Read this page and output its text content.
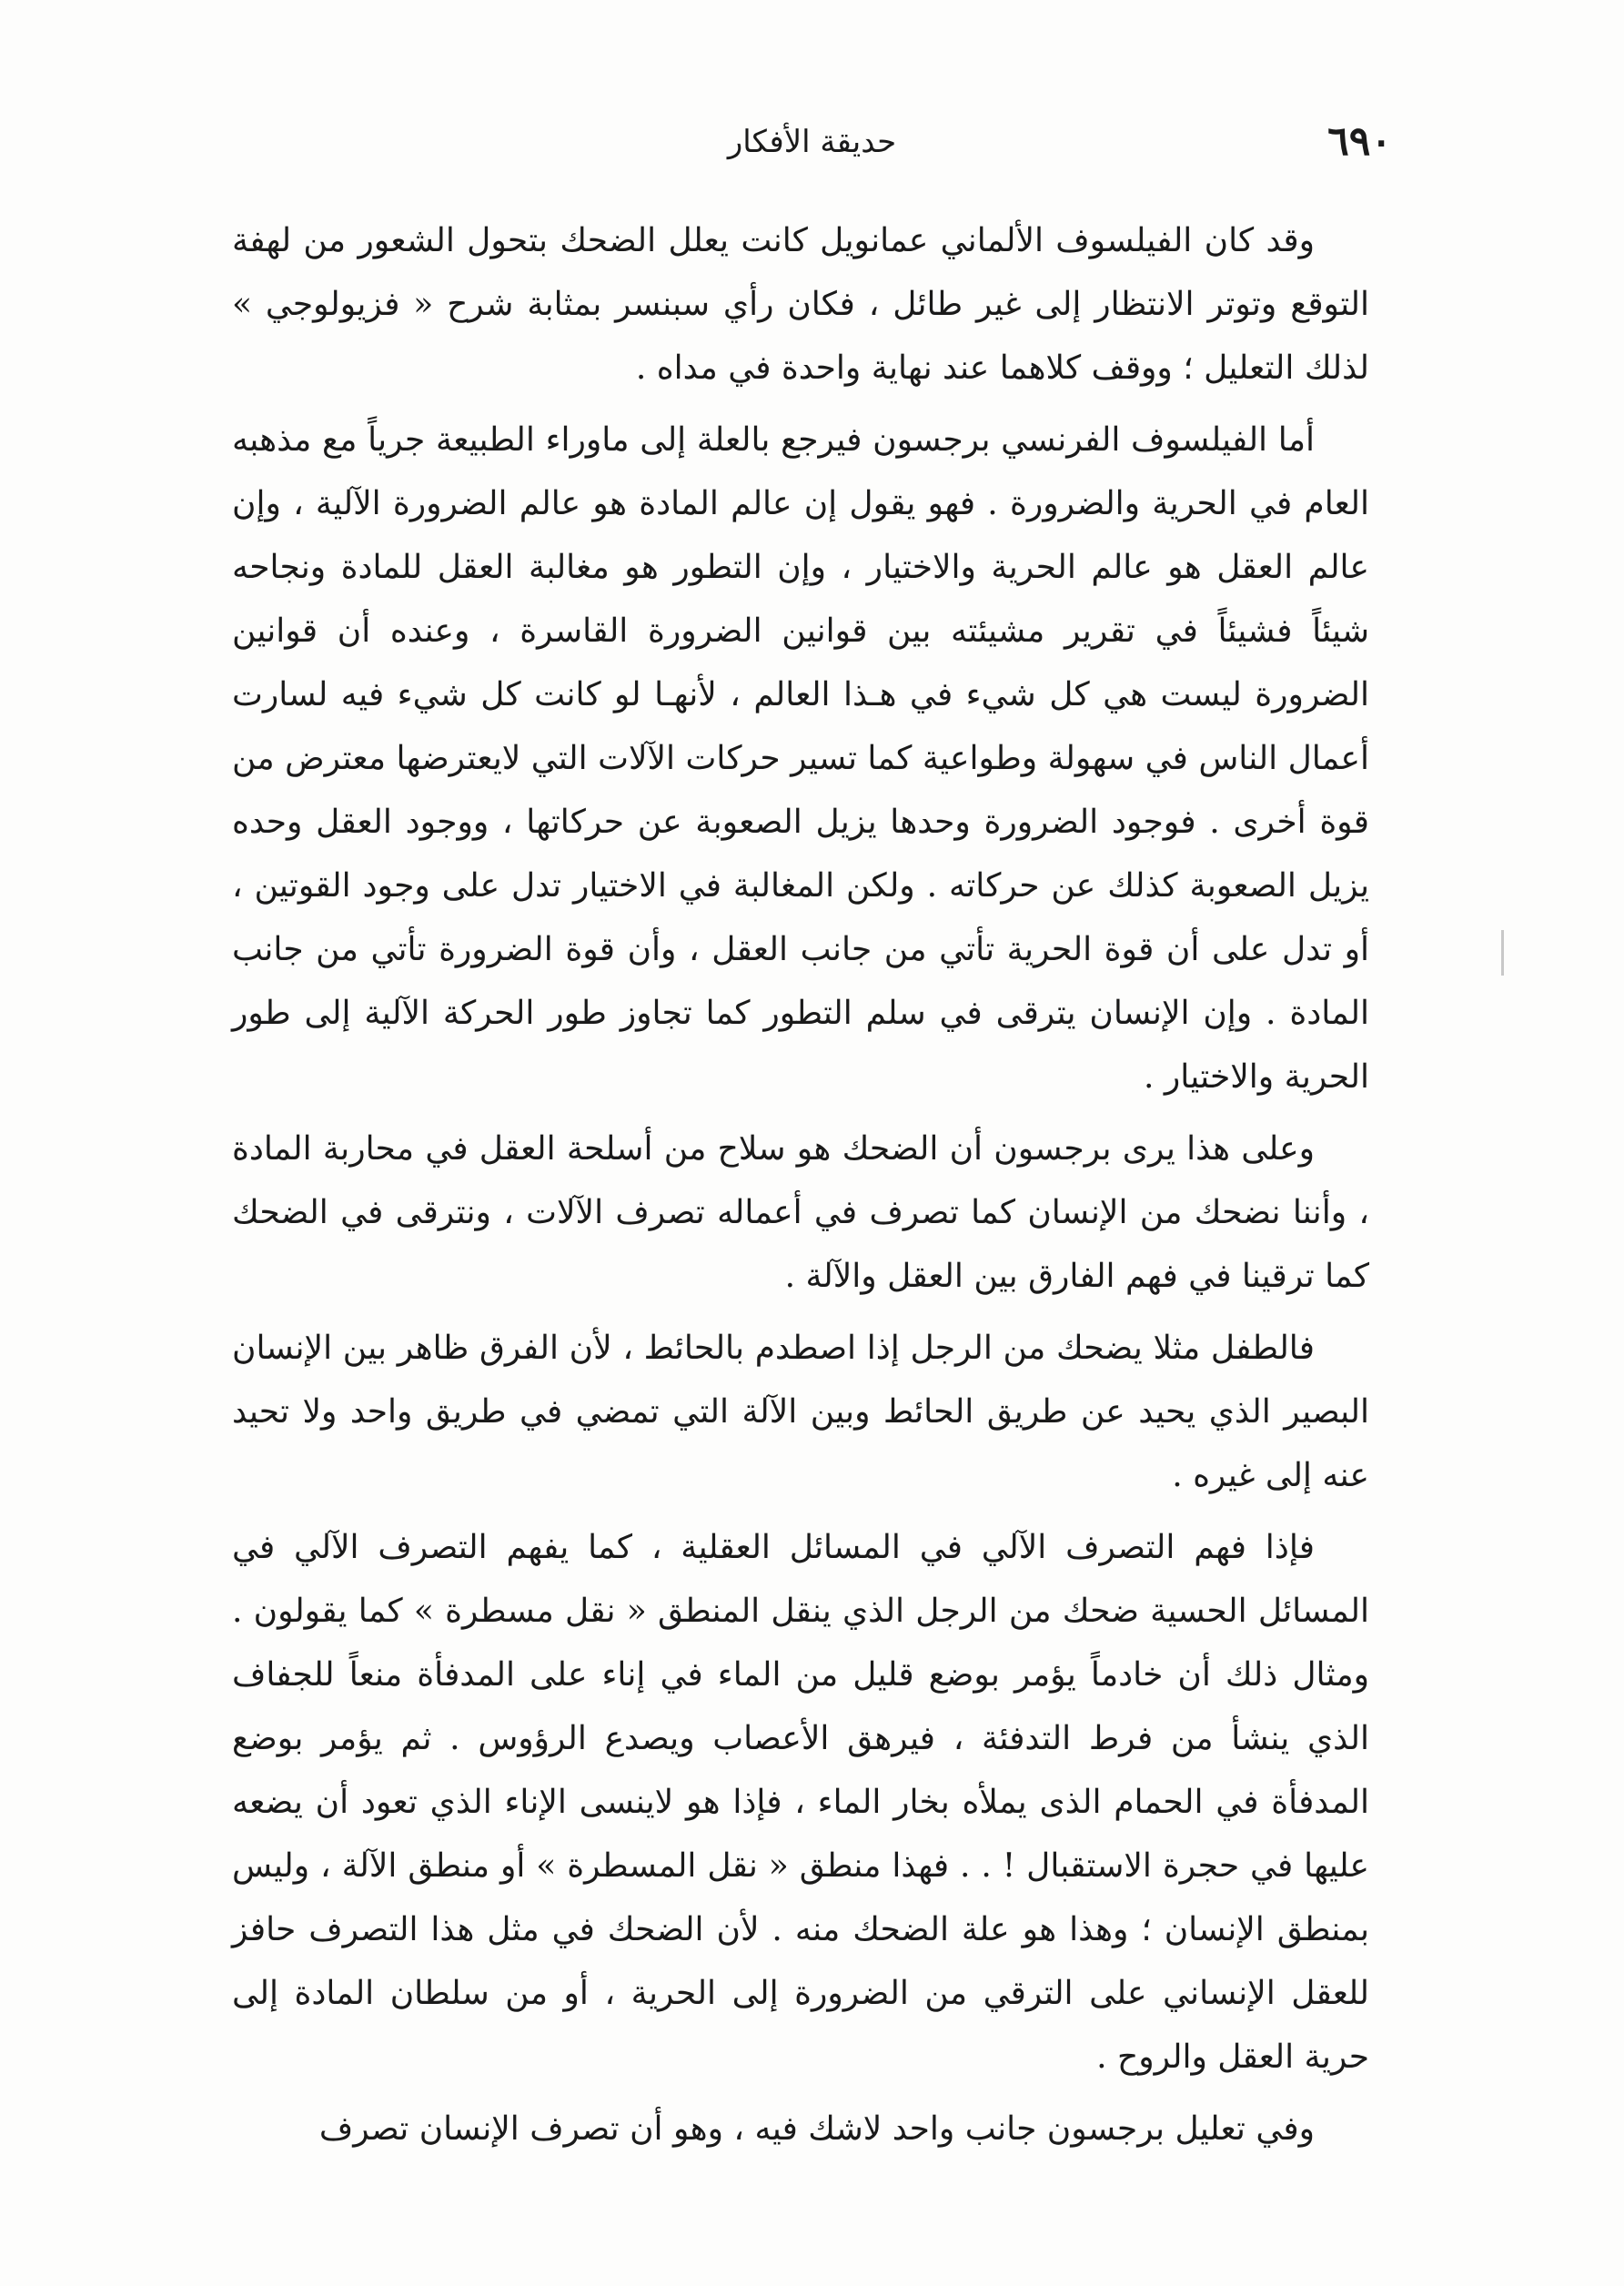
٦٩٠
حديقة الأفكار

وقد كان الفيلسوف الألماني عمانويل كانت يعلل الضحك بتحول الشعور من لهفة التوقع وتوتر الانتظار إلى غير طائل ، فكان رأي سبنسر بمثابة شرح « فزيولوجي » لذلك التعليل ؛ ووقف كلاهما عند نهاية واحدة في مداه .

أما الفيلسوف الفرنسي برجسون فيرجع بالعلة إلى ماوراء الطبيعة جرياً مع مذهبه العام في الحرية والضرورة . فهو يقول إن عالم المادة هو عالم الضرورة الآلية ، وإن عالم العقل هو عالم الحرية والاختيار ، وإن التطور هو مغالبة العقل للمادة ونجاحه شيئاً فشيئاً في تقرير مشيئته بين قوانين الضرورة القاسرة ، وعنده أن قوانين الضرورة ليست هي كل شيء في هـذا العالم ، لأنهـا لو كانت كل شيء فيه لسارت أعمال الناس في سهولة وطواعية كما تسير حركات الآلات التي لايعترضها معترض من قوة أخرى . فوجود الضرورة وحدها يزيل الصعوبة عن حركاتها ، ووجود العقل وحده يزيل الصعوبة كذلك عن حركاته . ولكن المغالبة في الاختيار تدل على وجود القوتين ، أو تدل على أن قوة الحرية تأتي من جانب العقل ، وأن قوة الضرورة تأتي من جانب المادة . وإن الإنسان يترقى في سلم التطور كما تجاوز طور الحركة الآلية إلى طور الحرية والاختيار .

وعلى هذا يرى برجسون أن الضحك هو سلاح من أسلحة العقل في محاربة المادة ، وأننا نضحك من الإنسان كما تصرف في أعماله تصرف الآلات ، ونترقى في الضحك كما ترقينا في فهم الفارق بين العقل والآلة .

فالطفل مثلا يضحك من الرجل إذا اصطدم بالحائط ، لأن الفرق ظاهر بين الإنسان البصير الذي يحيد عن طريق الحائط وبين الآلة التي تمضي في طريق واحد ولا تحيد عنه إلى غيره .

فإذا فهم التصرف الآلي في المسائل العقلية ، كما يفهم التصرف الآلي في المسائل الحسية ضحك من الرجل الذي ينقل المنطق « نقل مسطرة » كما يقولون . ومثال ذلك أن خادماً يؤمر بوضع قليل من الماء في إناء على المدفأة منعاً للجفاف الذي ينشأ من فرط التدفئة ، فيرهق الأعصاب ويصدع الرؤوس . ثم يؤمر بوضع المدفأة في الحمام الذى يملأه بخار الماء ، فإذا هو لاينسى الإناء الذي تعود أن يضعه عليها في حجرة الاستقبال ! . . فهذا منطق « نقل المسطرة » أو منطق الآلة ، وليس بمنطق الإنسان ؛ وهذا هو علة الضحك منه . لأن الضحك في مثل هذا التصرف حافز للعقل الإنساني على الترقي من الضرورة إلى الحرية ، أو من سلطان المادة إلى حرية العقل والروح .

وفي تعليل برجسون جانب واحد لاشك فيه ، وهو أن تصرف الإنسان تصرف
